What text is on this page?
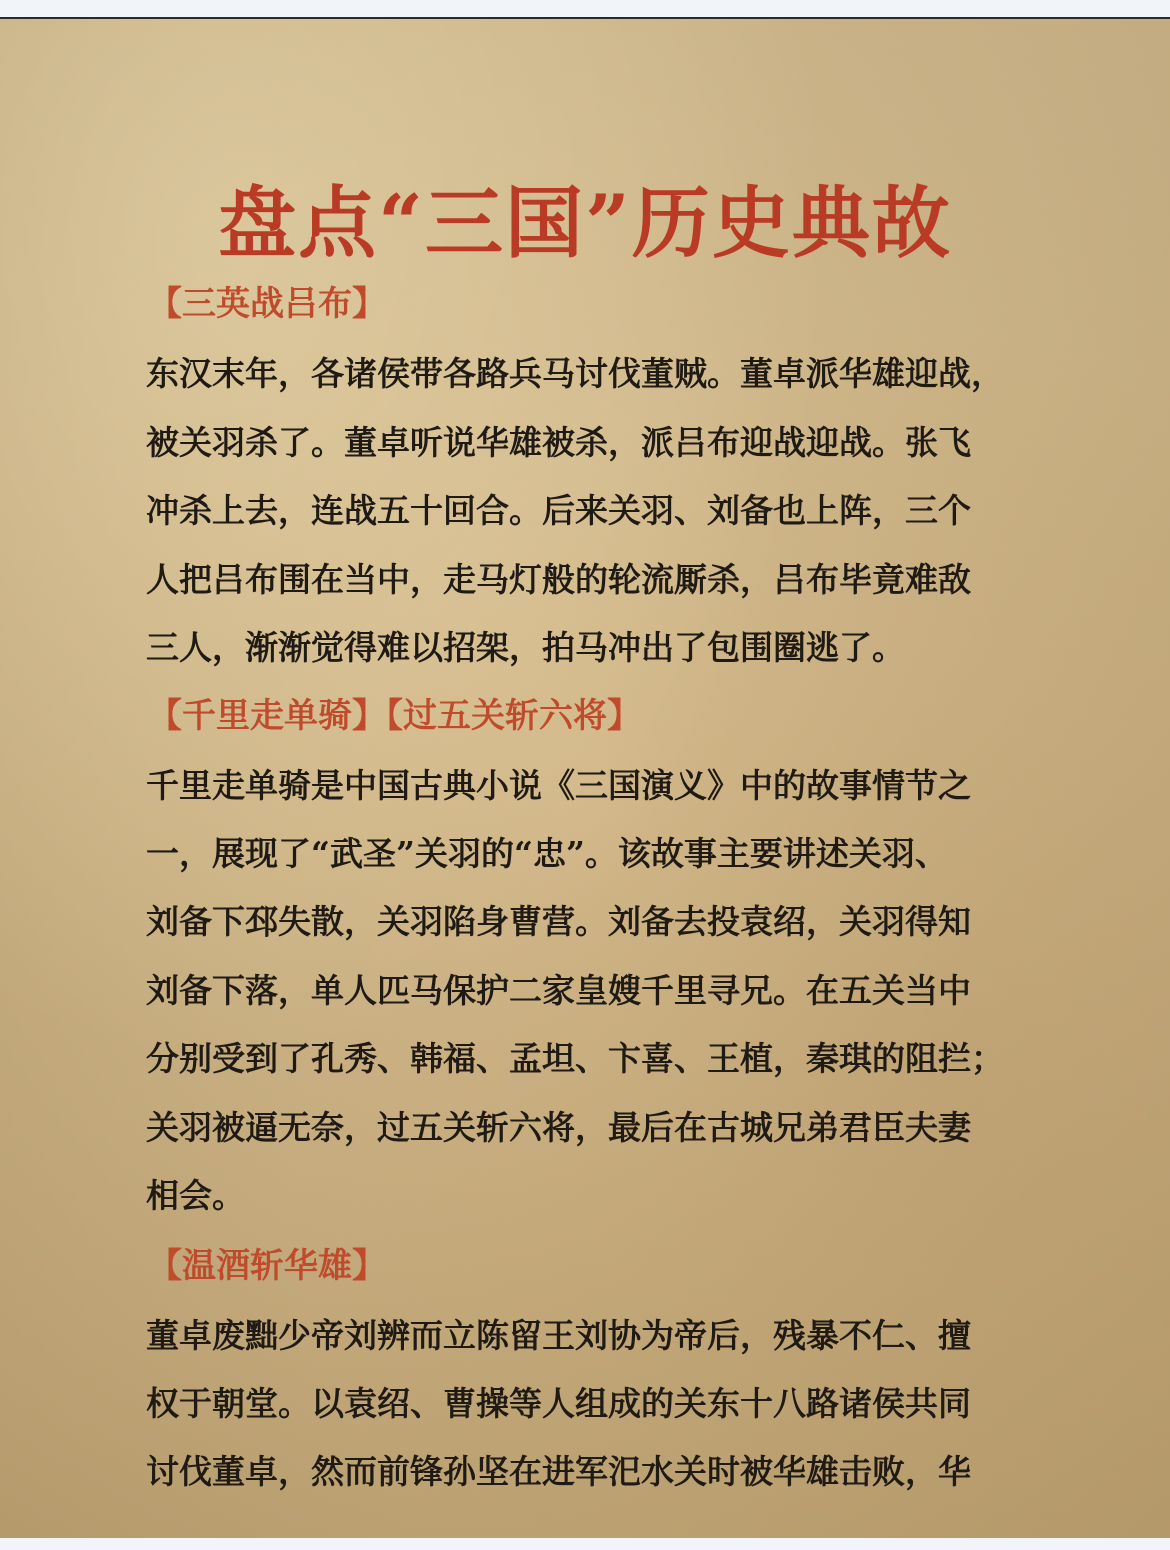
盘点“三国”历史典故
【三英战吕布】
东汉末年，各诸侯带各路兵马讨伐董贼。董卓派华雄迎战，
被关羽杀了。董卓听说华雄被杀，派吕布迎战迎战。张飞
冲杀上去，连战五十回合。后来关羽、刘备也上阵，三个
人把吕布围在当中，走马灯般的轮流厮杀，吕布毕竟难敌
三人，渐渐觉得难以招架，拍马冲出了包围圈逃了。
【千里走单骑】【过五关斩六将】
千里走单骑是中国古典小说《三国演义》中的故事情节之
一，展现了“武圣”关羽的“忠”。该故事主要讲述关羽、
刘备下邳失散，关羽陷身曹营。刘备去投袁绍，关羽得知
刘备下落，单人匹马保护二家皇嫂千里寻兄。在五关当中
分别受到了孔秀、韩福、孟坦、卞喜、王植，秦琪的阻拦；
关羽被逼无奈，过五关斩六将，最后在古城兄弟君臣夫妻
相会。
【温酒斩华雄】
董卓废黜少帝刘辨而立陈留王刘协为帝后，残暴不仁、擅
权于朝堂。以袁绍、曹操等人组成的关东十八路诸侯共同
讨伐董卓，然而前锋孙坚在进军汜水关时被华雄击败，华
